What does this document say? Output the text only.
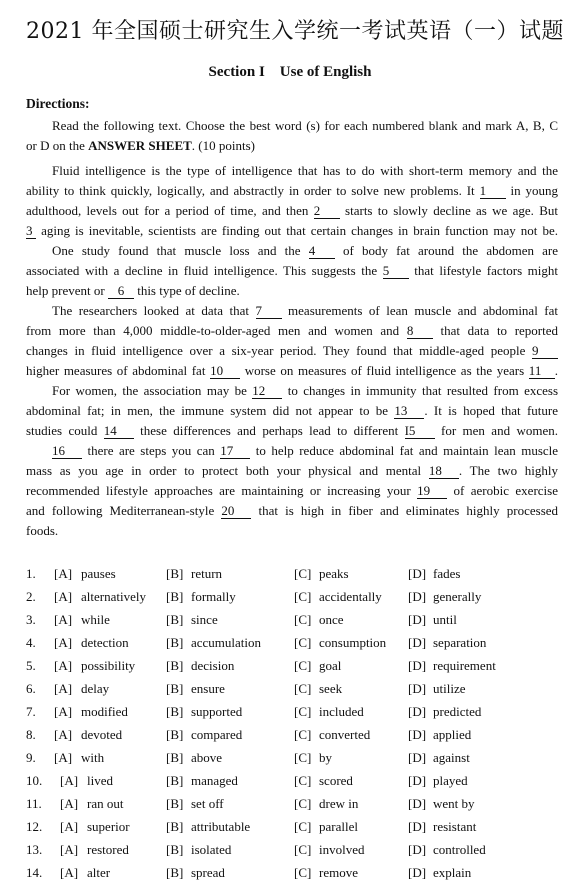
2021 年全国硕士研究生入学统一考试英语（一）试题
Section I    Use of English
Directions:
Read the following text. Choose the best word (s) for each numbered blank and mark A, B, C
or D on the ANSWER SHEET. (10 points)
Fluid intelligence is the type of intelligence that has to do with short-term memory and the
ability to think quickly, logically, and abstractly in order to solve new problems. It 1 in young
adulthood, levels out for a period of time, and then 2 starts to slowly decline as we age. But
3 aging is inevitable, scientists are finding out that certain changes in brain function may not be.
One study found that muscle loss and the 4 of body fat around the abdomen are
associated with a decline in fluid intelligence. This suggests the 5 that lifestyle factors might
help prevent or 6 this type of decline.
The researchers looked at data that 7 measurements of lean muscle and abdominal fat
from more than 4,000 middle-to-older-aged men and women and 8 that data to reported
changes in fluid intelligence over a six-year period. They found that middle-aged people 9
higher measures of abdominal fat 10 worse on measures of fluid intelligence as the years 11 .
For women, the association may be 12 to changes in immunity that resulted from excess
abdominal fat; in men, the immune system did not appear to be 13 . It is hoped that future
studies could 14 these differences and perhaps lead to different I5 for men and women.
16 there are steps you can 17 to help reduce abdominal fat and maintain lean muscle
mass as you age in order to protect both your physical and mental 18 . The two highly
recommended lifestyle approaches are maintaining or increasing your 19 of aerobic exercise
and following Mediterranean-style 20 that is high in fiber and eliminates highly processed
foods.
1. [A] pauses	[B] return	[C] peaks	[D] fades
2. [A] alternatively [B] formally	[C] accidentally [D] generally
3. [A] while	[B] since	[C] once	[D] until
4. [A] detection	[B] accumulation	[C] consumption [D] separation
5. [A] possibility [B] decision	[C] goal	[D] requirement
6. [A] delay	[B] ensure	[C] seek	[D] utilize
7. [A] modified	[B] supported	[C] included	[D] predicted
8. [A] devoted	[B] compared	[C] converted	[D] applied
9. [A] with	[B] above	[C] by	[D] against
10. [A] lived	[B] managed	[C] scored	[D] played
11. [A] ran out	[B] set off	[C] drew in	[D] went by
12. [A] superior	[B] attributable	[C] parallel	[D] resistant
13. [A] restored	[B] isolated	[C] involved	[D] controlled
14. [A] alter	[B] spread	[C] remove	[D] explain
